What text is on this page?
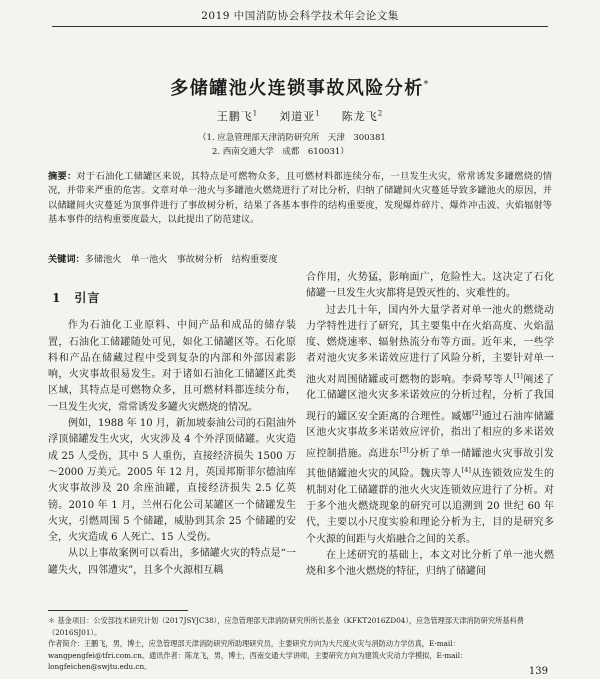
2019 中国消防协会科学技术年会论文集
多储罐池火连锁事故风险分析*
王鹏飞$^1$ 　 刘道亚$^1$ 　 陈龙飞$^2$
（1. 应急管理部天津消防研究所　天津　300381
2. 西南交通大学　成都　610031）
摘要：对于石油化工储罐区来说，其特点是可燃物众多，且可燃材料都连续分布，一旦发生火灾，常常诱发多罐燃烧的情况，并带来严重的危害。文章对单一池火与多罐池火燃烧进行了对比分析，归纳了储罐间火灾蔓延导致多罐池火的原因，并以储罐间火灾蔓延为顶事件进行了事故树分析，结果了各基本事件的结构重要度，发现爆炸碎片、爆炸冲击波、火焰辐射等基本事件的结构重要度最大，以此提出了防范建议。
关键词：多储池火　单一池火　事故树分析　结构重要度
1　引言

作为石油化工业原料、中间产品和成品的储存装置，石油化工储罐随处可见，如化工储罐区等。石化原料和产品在储藏过程中受到复杂的内部和外部因素影响，火灾事故很易发生。对于诸如石油化工储罐区此类区域，其特点是可燃物众多，且可燃材料都连续分布，一旦发生火灾，常常诱发多罐火灾燃烧的情况。

例如，1988 年 10 月，新加坡泰油公司的石阻油外浮顶储罐发生火灾，火灾涉及 4 个外浮顶储罐。火灾造成 25 人受伤，其中 5 人重伤，直接经济损失 1500 万～2000 万美元。2005 年 12 月，英国邦斯菲尔德油库火灾事故涉及 20 余座油罐，直接经济损失 2.5 亿英镑。2010 年 1 月，兰州石化公司某罐区一个储罐发生火灾，引燃周围 5 个储罐，威胁到其余 25 个储罐的安全，火灾造成 6 人死亡、15 人受伤。

从以上事故案例可以看出，多储罐火灾的特点是“一罐失火，四邻遭灾”，且多个火源相互耦

合作用，火势猛，影响面广，危险性大。这决定了石化储罐一旦发生火灾都将是毁灭性的、灾难性的。

过去几十年，国内外大量学者对单一池火的燃烧动力学特性进行了研究，其主要集中在火焰高度、火焰温度、燃烧速率、辐射热流分布等方面。近年来，一些学者对池火灾多米诺效应进行了风险分析，主要针对单一池火对周围储罐或可燃物的影响。李舜琴等人[1]阐述了化工储罐区池火灾多米诺效应的分析过程，分析了我国现行的罐区安全距离的合理性。臧娜[2]通过石油库储罐区池火灾事故多米诺效应评价，指出了相应的多米诺效应控制措施。高进东[3]分析了单一储罐池火灾事故引发其他储罐池火灾的风险。魏庆等人[4]从连锁效应发生的机制对化工储罐群的池火火灾连锁效应进行了分析。对于多个池火燃烧现象的研究可以追溯到 20 世纪 60 年代，主要以小尺度实验和理论分析为主，目的是研究多个火源的间距与火焰融合之间的关系。

在上述研究的基础上，本文对比分析了单一池火燃烧和多个池火燃烧的特征，归纳了储罐间

＊ 基金项目：公安部技术研究计划（2017JSYJC38），应急管理部天津消防研究所所长基金（KFKT2016ZD04），应急管理部天津消防研究所基科费（2016SJ01）。

作者简介：王鹏飞，男，博士，应急管理部天津消防研究所助理研究员，主要研究方向为大尺度火灾与消防动力学仿真，E-mail：wangpengfei@tfri.com.cn。通讯作者：陈龙飞，男，博士，西南交通大学讲师，主要研究方向为建筑火灾动力学模拟，E-mail：longfeichen@swjtu.edu.cn。	139
